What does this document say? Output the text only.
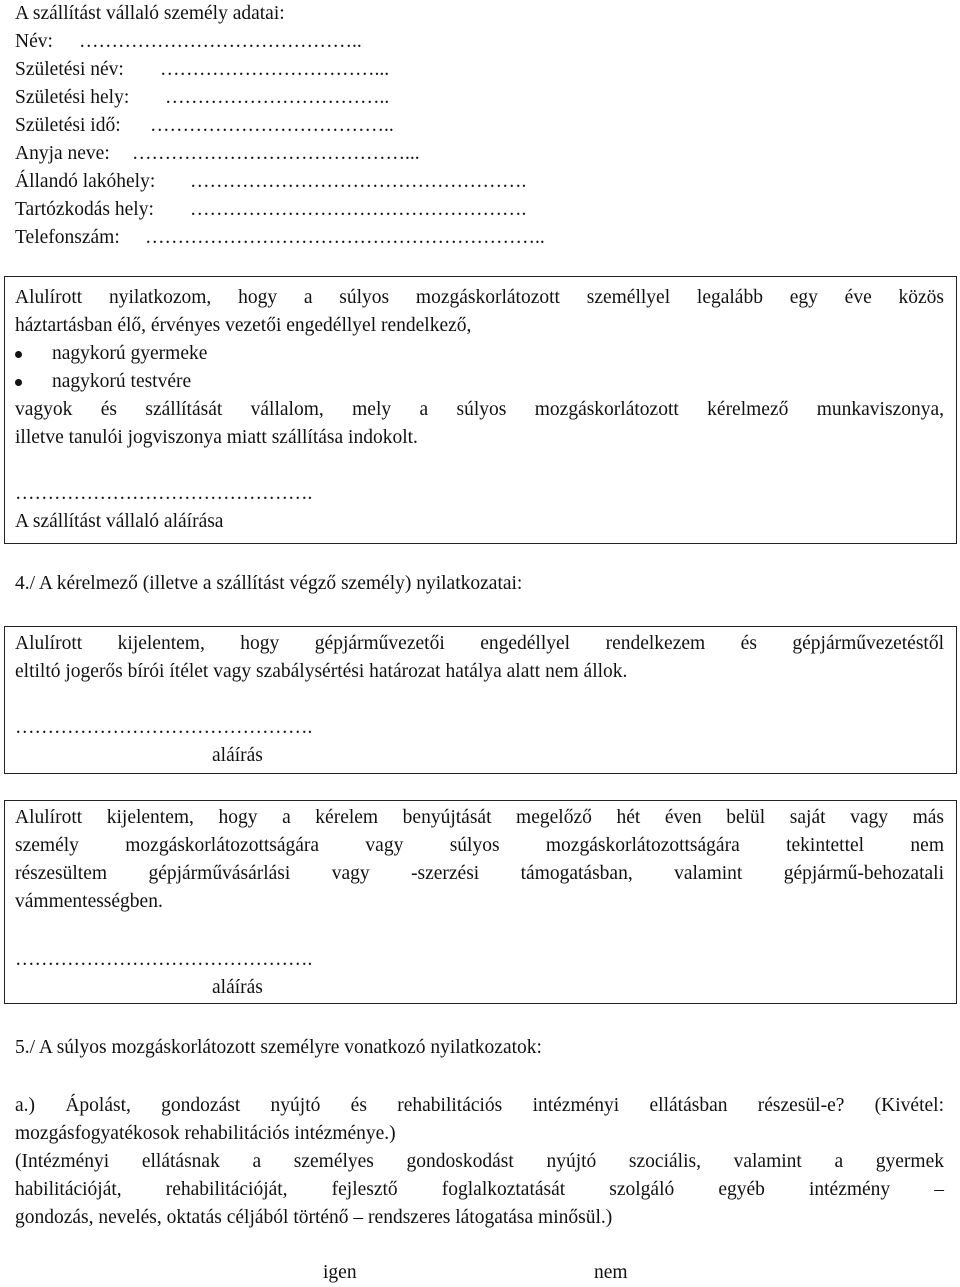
A szállítást vállaló személy adatai:
Név: ……………………………………..
Születési név: ……………………………...
Születési hely: ……………………………..
Születési idő: ………………………………..
Anyja neve: ……………………………………...
Állandó lakóhely: …………………………………………….
Tartózkodás hely: …………………………………………….
Telefonszám: ……………………………………………………..
Alulírott nyilatkozom, hogy a súlyos mozgáskorlátozott személlyel legalább egy éve közös
háztartásban élő, érvényes vezetői engedéllyel rendelkező,
nagykorú gyermeke
nagykorú testvére
vagyok és szállítását vállalom, mely a súlyos mozgáskorlátozott kérelmező munkaviszonya,
illetve tanulói jogviszonya miatt szállítása indokolt.
……………………………………….
A szállítást vállaló aláírása
4./ A kérelmező (illetve a szállítást végző személy) nyilatkozatai:
Alulírott kijelentem, hogy gépjárművezetői engedéllyel rendelkezem és gépjárművezetéstől
eltiltó jogerős bírói ítélet vagy szabálysértési határozat hatálya alatt nem állok.
……………………………………….
aláírás
Alulírott kijelentem, hogy a kérelem benyújtását megelőző hét éven belül saját vagy más
személy mozgáskorlátozottságára vagy súlyos mozgáskorlátozottságára tekintettel nem
részesültem gépjárművásárlási vagy -szerzési támogatásban, valamint gépjármű-behozatali
vámmentességben.
……………………………………….
aláírás
5./ A súlyos mozgáskorlátozott személyre vonatkozó nyilatkozatok:
a.) Ápolást, gondozást nyújtó és rehabilitációs intézményi ellátásban részesül-e? (Kivétel:
mozgásfogyatékosok rehabilitációs intézménye.)
(Intézményi ellátásnak a személyes gondoskodást nyújtó szociális, valamint a gyermek
habilitációját, rehabilitációját, fejlesztő foglalkoztatását szolgáló egyéb intézmény –
gondozás, nevelés, oktatás céljából történő – rendszeres látogatása minősül.)
igen	nem
